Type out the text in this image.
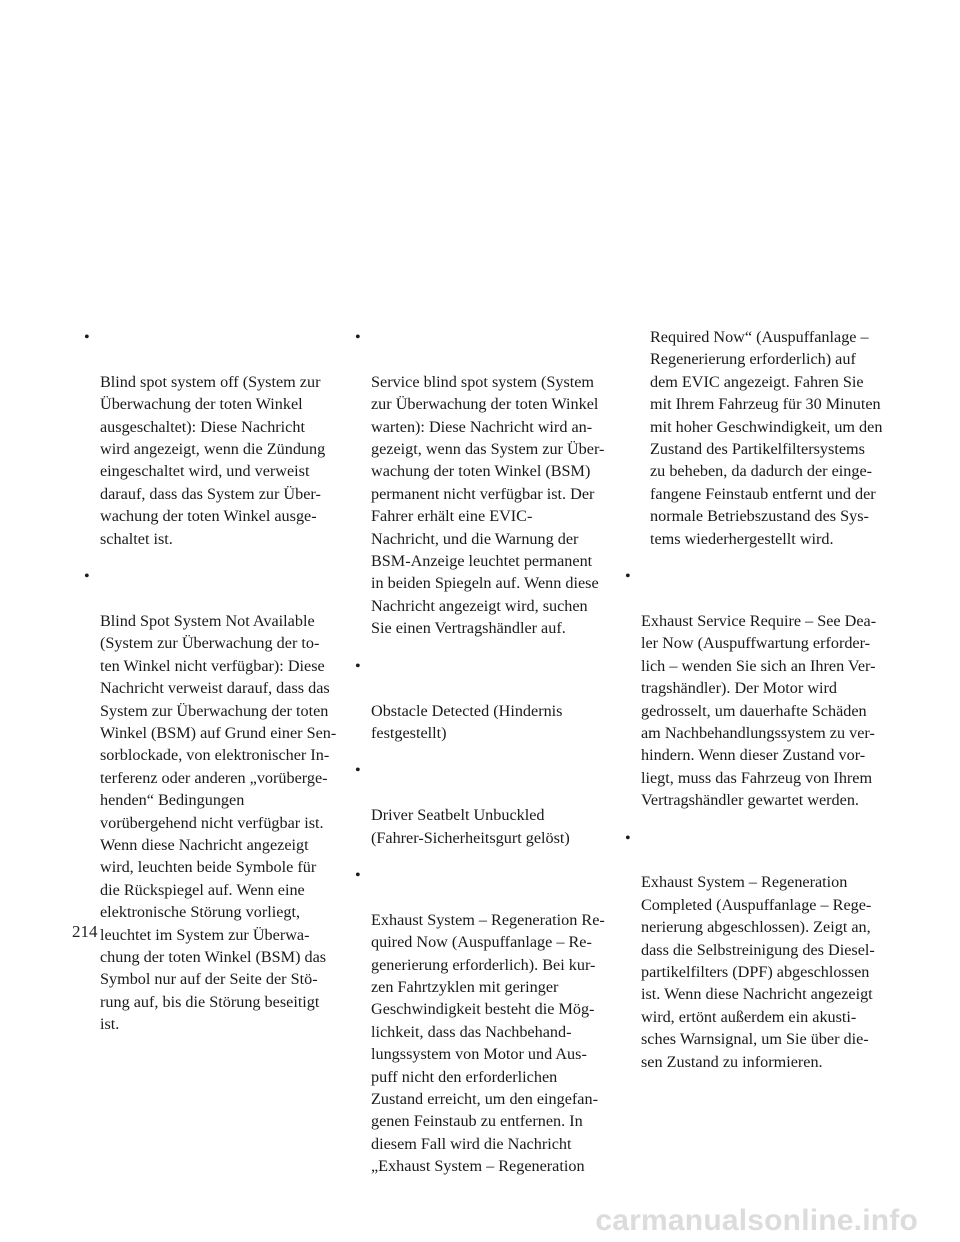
•

Blind spot system off (System zur
Überwachung der toten Winkel
ausgeschaltet): Diese Nachricht
wird angezeigt, wenn die Zündung
eingeschaltet wird, und verweist
darauf, dass das System zur Über-
wachung der toten Winkel ausge-
schaltet ist.

•

Blind Spot System Not Available
(System zur Überwachung der to-
ten Winkel nicht verfügbar): Diese
Nachricht verweist darauf, dass das
System zur Überwachung der toten
Winkel (BSM) auf Grund einer Sen-
sorblockade, von elektronischer In-
terferenz oder anderen „vorüberge-
henden“ Bedingungen
vorübergehend nicht verfügbar ist.
Wenn diese Nachricht angezeigt
wird, leuchten beide Symbole für
die Rückspiegel auf. Wenn eine
elektronische Störung vorliegt,
leuchtet im System zur Überwa-
chung der toten Winkel (BSM) das
Symbol nur auf der Seite der Stö-
rung auf, bis die Störung beseitigt
ist.

•

Service blind spot system (System
zur Überwachung der toten Winkel
warten): Diese Nachricht wird an-
gezeigt, wenn das System zur Über-
wachung der toten Winkel (BSM)
permanent nicht verfügbar ist. Der
Fahrer erhält eine EVIC-
Nachricht, und die Warnung der
BSM-Anzeige leuchtet permanent
in beiden Spiegeln auf. Wenn diese
Nachricht angezeigt wird, suchen
Sie einen Vertragshändler auf.

•

Obstacle Detected (Hindernis
festgestellt)

•

Driver Seatbelt Unbuckled
(Fahrer-Sicherheitsgurt gelöst)

•

Exhaust System – Regeneration Re-
quired Now (Auspuffanlage – Re-
generierung erforderlich). Bei kur-
zen Fahrtzyklen mit geringer
Geschwindigkeit besteht die Mög-
lichkeit, dass das Nachbehand-
lungssystem von Motor und Aus-
puff nicht den erforderlichen
Zustand erreicht, um den eingefan-
genen Feinstaub zu entfernen. In
diesem Fall wird die Nachricht
„Exhaust System – Regeneration

Required Now“ (Auspuffanlage –
Regenerierung erforderlich) auf
dem EVIC angezeigt. Fahren Sie
mit Ihrem Fahrzeug für 30 Minuten
mit hoher Geschwindigkeit, um den
Zustand des Partikelfiltersystems
zu beheben, da dadurch der einge-
fangene Feinstaub entfernt und der
normale Betriebszustand des Sys-
tems wiederhergestellt wird.

•

Exhaust Service Require – See Dea-
ler Now (Auspuffwartung erforder-
lich – wenden Sie sich an Ihren Ver-
tragshändler). Der Motor wird
gedrosselt, um dauerhafte Schäden
am Nachbehandlungssystem zu ver-
hindern. Wenn dieser Zustand vor-
liegt, muss das Fahrzeug von Ihrem
Vertragshändler gewartet werden.

•

Exhaust System – Regeneration
Completed (Auspuffanlage – Rege-
nerierung abgeschlossen). Zeigt an,
dass die Selbstreinigung des Diesel-
partikelfilters (DPF) abgeschlossen
ist. Wenn diese Nachricht angezeigt
wird, ertönt außerdem ein akusti-
sches Warnsignal, um Sie über die-
sen Zustand zu informieren.

214
carmanualsonline.info
